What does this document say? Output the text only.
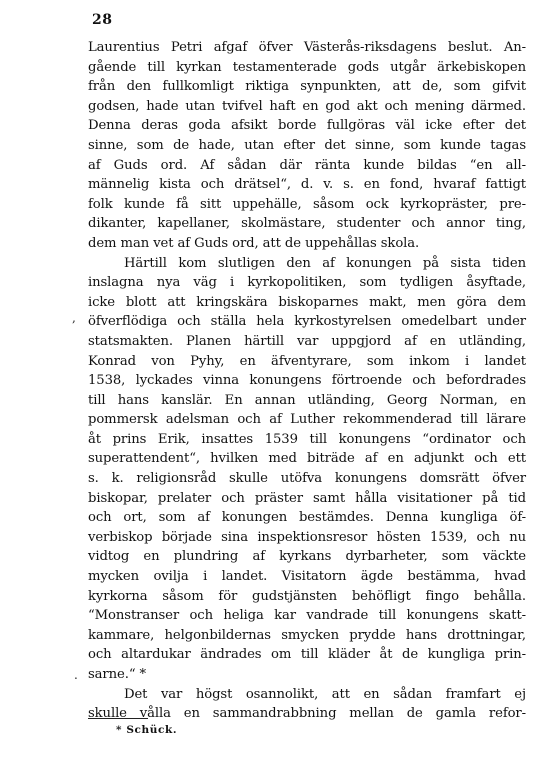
28
Laurentius Petri afgaf öfver Västerås-riksdagens beslut. An-
gående till kyrkan testamenterade gods utgår ärkebiskopen
från den fullkomligt riktiga synpunkten, att de, som gifvit
godsen, hade utan tvifvel haft en god akt och mening därmed.
Denna deras goda afsikt borde fullgöras väl icke efter det
sinne, som de hade, utan efter det sinne, som kunde tagas
af Guds ord. Af sådan där ränta kunde bildas “en all-
männelig kista och drätsel“, d. v. s. en fond, hvaraf fattigt
folk kunde få sitt uppehälle, såsom ock kyrkopräster, pre-
dikanter, kapellaner, skolmästare, studenter och annor ting,
dem man vet af Guds ord, att de uppehållas skola.
Härtill kom slutligen den af konungen på sista tiden
inslagna nya väg i kyrkopolitiken, som tydligen åsyftade,
icke blott att kringskära biskoparnes makt, men göra dem
öfverflödiga och ställa hela kyrkostyrelsen omedelbart under
statsmakten. Planen härtill var uppgjord af en utländing,
Konrad von Pyhy, en äfventyrare, som inkom i landet
1538, lyckades vinna konungens förtroende och befordrades
till hans kanslär. En annan utländing, Georg Norman, en
pommersk adelsman och af Luther rekommenderad till lärare
åt prins Erik, insattes 1539 till konungens “ordinator och
superattendent“, hvilken med biträde af en adjunkt och ett
s. k. religionsråd skulle utöfva konungens domsrätt öfver
biskopar, prelater och präster samt hålla visitationer på tid
och ort, som af konungen bestämdes. Denna kungliga öf-
verbiskop började sina inspektionsresor hösten 1539, och nu
vidtog en plundring af kyrkans dyrbarheter, som väckte
mycken ovilja i landet. Visitatorn ägde bestämma, hvad
kyrkorna såsom för gudstjänsten behöfligt fingo behålla.
“Monstranser och heliga kar vandrade till konungens skatt-
kammare, helgonbildernas smycken prydde hans drottningar,
och altardukar ändrades om till kläder åt de kungliga prin-
sarne.“ *
Det var högst osannolikt, att en sådan framfart ej
skulle vålla en sammandrabbning mellan de gamla refor-
,
.
* Schück.
